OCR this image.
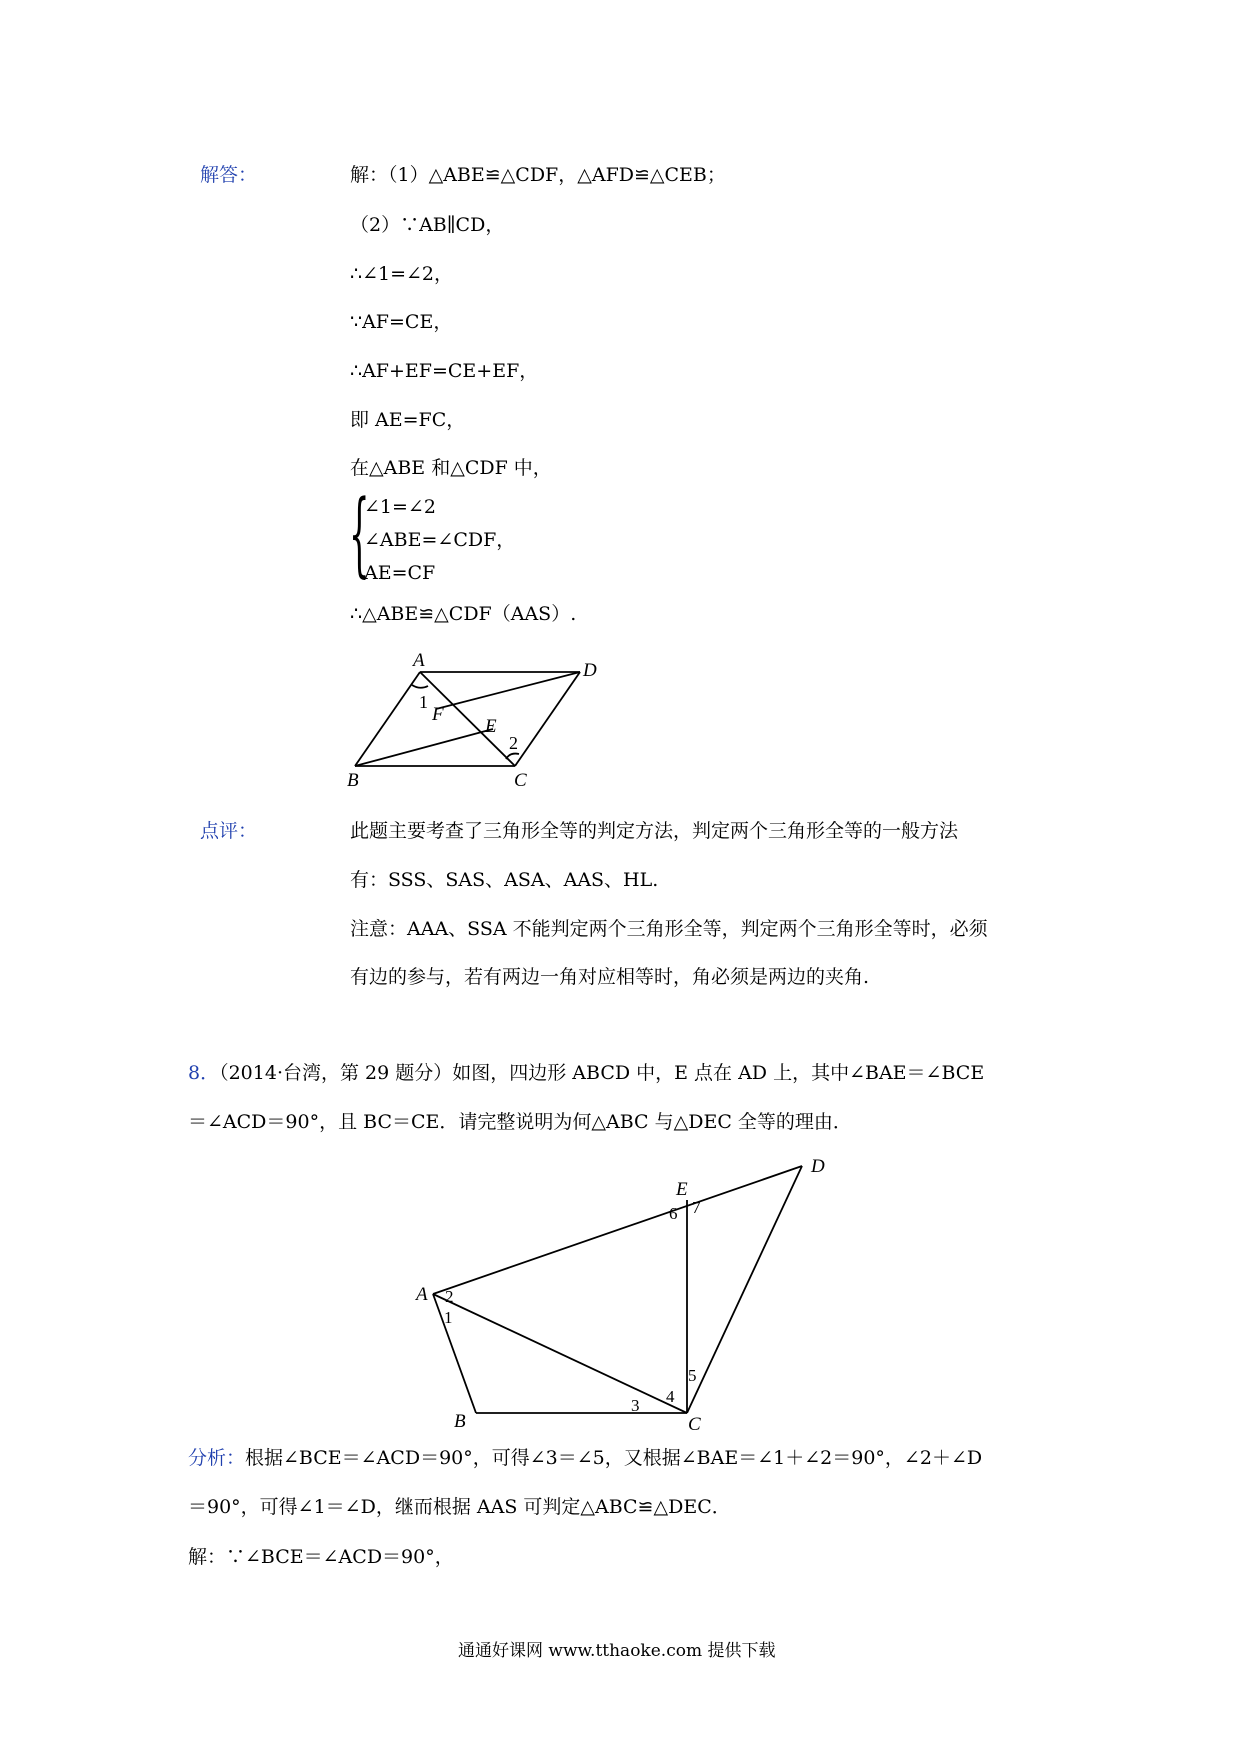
解答：	解：（1）△ABE≌△CDF，△AFD≌△CEB；
（2）∵AB∥CD，
∴∠1=∠2，
∵AF=CE，
∴AF+EF=CE+EF，
即 AE=FC，
在△ABE 和△CDF 中，
{
∠1=∠2
∠ABE=∠CDF，
AE=CF
∴△ABE≌△CDF（AAS）.
A	D
F
E
B	C
1
2
点评：	此题主要考查了三角形全等的判定方法，判定两个三角形全等的一般方法
有：SSS、SAS、ASA、AAS、HL.
注意：AAA、SSA 不能判定两个三角形全等，判定两个三角形全等时，必须
有边的参与，若有两边一角对应相等时，角必须是两边的夹角.
8．（2014·台湾，第 29 题分）如图，四边形 ABCD 中，E 点在 AD 上，其中∠BAE＝∠BCE
＝∠ACD＝90°，且 BC＝CE．请完整说明为何△ABC 与△DEC 全等的理由．
A
D
E
B	C
2
1
3 4
5
6 7
分析：根据∠BCE＝∠ACD＝90°，可得∠3＝∠5，又根据∠BAE＝∠1＋∠2＝90°，∠2＋∠D
＝90°，可得∠1＝∠D，继而根据 AAS 可判定△ABC≌△DEC．
解：∵∠BCE＝∠ACD＝90°，
通通好课网 www.tthaoke.com 提供下载
